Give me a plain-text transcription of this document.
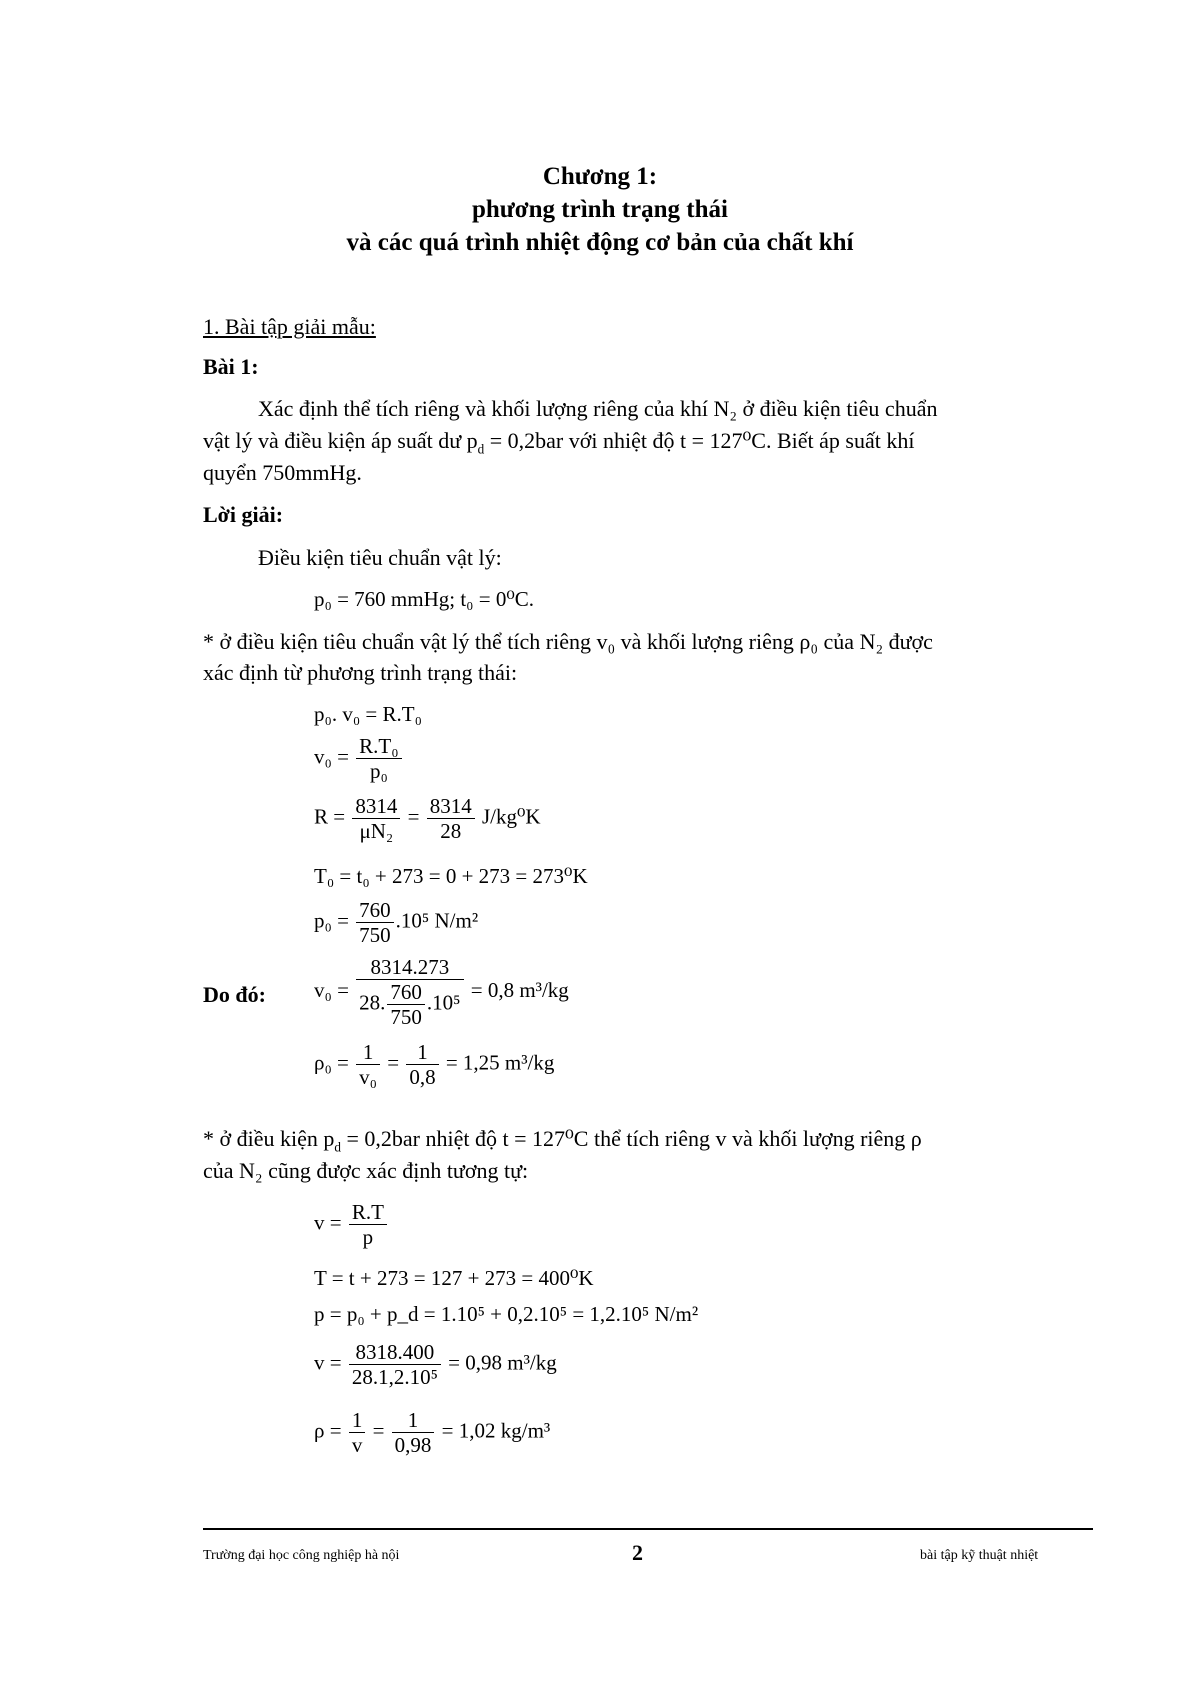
Chương 1:
phương trình trạng thái
và các quá trình nhiệt động cơ bản của chất khí
1. Bài tập giải mẫu:
Bài 1:
Xác định thể tích riêng và khối lượng riêng của khí N₂ ở điều kiện tiêu chuẩn
vật lý và điều kiện áp suất dư $p_d = 0,2bar$ với nhiệt độ t = 127⁰C. Biết áp suất khí
quyển 750mmHg.
Lời giải:
Điều kiện tiêu chuẩn vật lý:
p₀ = 760 mmHg; t₀ = 0⁰C.
* ở điều kiện tiêu chuẩn vật lý thể tích riêng v₀ và khối lượng riêng ρ₀ của N₂ được
xác định từ phương trình trạng thái:
p₀. v₀ = R.T₀
$v_0 = \frac{\text{R.T₀}}{\text{p₀}}$
$R = \frac{8314}{\text{μN₂}} = \frac{8314}{28} J/kg^0K$
T₀ = t₀ + 273 = 0 + 273 = 273⁰K
$p_0 = \frac{760}{750} .10^5$ N/m²
Do đó: $v_0 = \frac{8314.273}{28. \frac{760}{750} .10^5} = 0,8$ m³/kg
$\rho_0 = \frac{1}{\text{v₀}} = \frac{1}{0,8} = 1,25$ m³/kg
* ở điều kiện $p_d = 0,2bar$ nhiệt độ t = 127⁰C thể tích riêng v và khối lượng riêng ρ
của N₂ cũng được xác định tương tự:
$v = \frac{R.T}{p}$
T = t + 273 = 127 + 273 = 400⁰K
p = p₀ + p_d = 1.10⁵ + 0,2.10⁵ = 1,2.10⁵ N/m²
$v = \frac{8318.400}{\text{28.1,2.10⁵}} = 0,98$ m³/kg
$\rho = \frac{1}{v} = \frac{1}{0,98} = 1,02$ kg/m³
Trường đại học công nghiệp hà nội	2	bài tập kỹ thuật nhiệt
